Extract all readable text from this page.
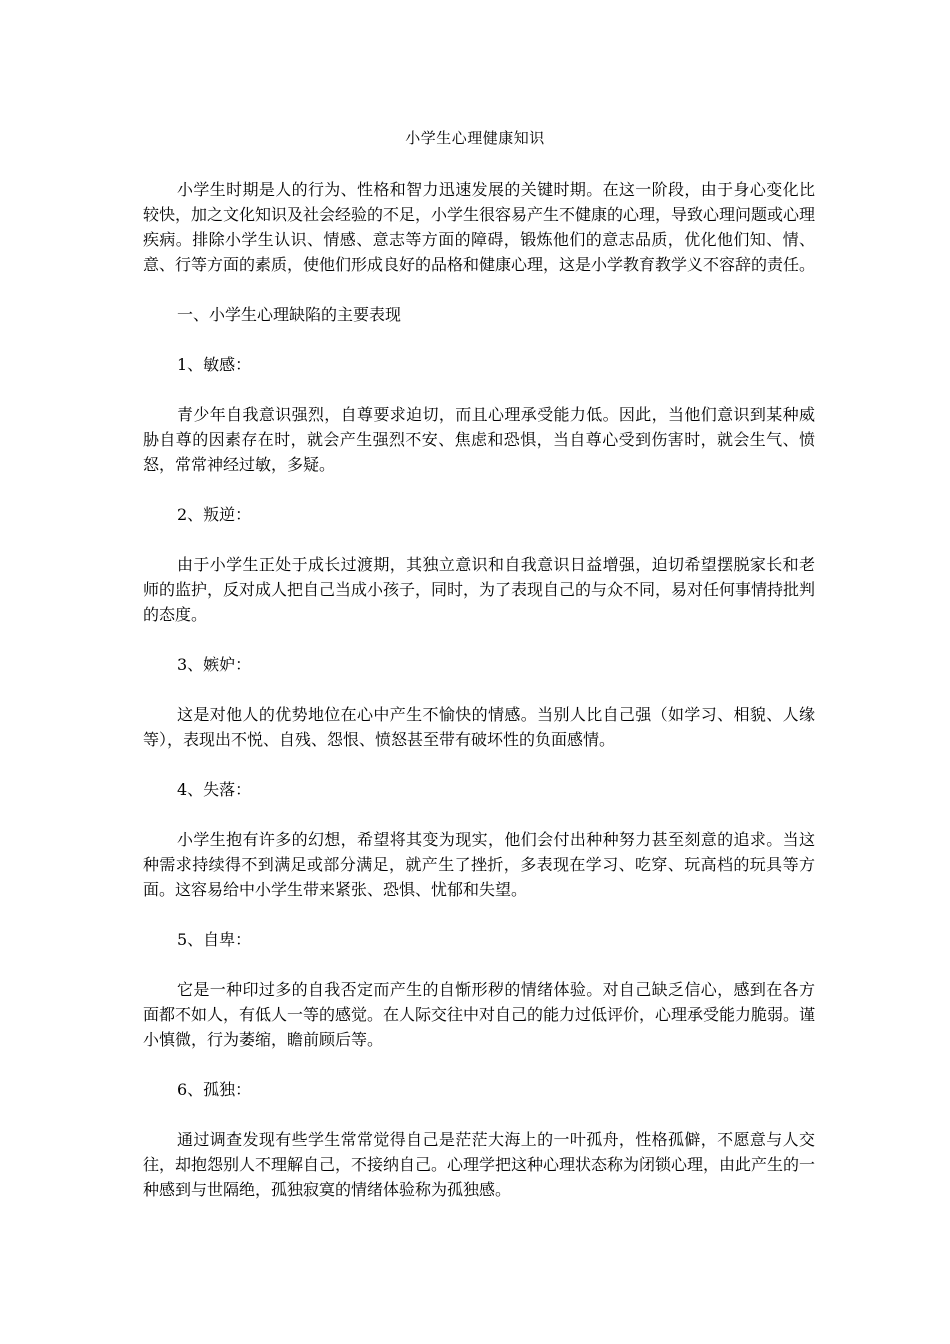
小学生心理健康知识

小学生时期是人的行为、性格和智力迅速发展的关键时期。在这一阶段，由于身心变化比较快，加之文化知识及社会经验的不足，小学生很容易产生不健康的心理，导致心理问题或心理疾病。排除小学生认识、情感、意志等方面的障碍，锻炼他们的意志品质，优化他们知、情、意、行等方面的素质，使他们形成良好的品格和健康心理，这是小学教育教学义不容辞的责任。

一、小学生心理缺陷的主要表现

1、敏感：

青少年自我意识强烈，自尊要求迫切，而且心理承受能力低。因此，当他们意识到某种威胁自尊的因素存在时，就会产生强烈不安、焦虑和恐惧，当自尊心受到伤害时，就会生气、愤怒，常常神经过敏，多疑。

2、叛逆：

由于小学生正处于成长过渡期，其独立意识和自我意识日益增强，迫切希望摆脱家长和老师的监护，反对成人把自己当成小孩子，同时，为了表现自己的与众不同，易对任何事情持批判的态度。

3、嫉妒：

这是对他人的优势地位在心中产生不愉快的情感。当别人比自己强（如学习、相貌、人缘等），表现出不悦、自残、怨恨、愤怒甚至带有破坏性的负面感情。

4、失落：

小学生抱有许多的幻想，希望将其变为现实，他们会付出种种努力甚至刻意的追求。当这种需求持续得不到满足或部分满足，就产生了挫折，多表现在学习、吃穿、玩高档的玩具等方面。这容易给中小学生带来紧张、恐惧、忧郁和失望。

5、自卑：

它是一种印过多的自我否定而产生的自惭形秽的情绪体验。对自己缺乏信心，感到在各方面都不如人，有低人一等的感觉。在人际交往中对自己的能力过低评价，心理承受能力脆弱。谨小慎微，行为萎缩，瞻前顾后等。

6、孤独：

通过调查发现有些学生常常觉得自己是茫茫大海上的一叶孤舟，性格孤僻，不愿意与人交往，却抱怨别人不理解自己，不接纳自己。心理学把这种心理状态称为闭锁心理，由此产生的一种感到与世隔绝，孤独寂寞的情绪体验称为孤独感。
